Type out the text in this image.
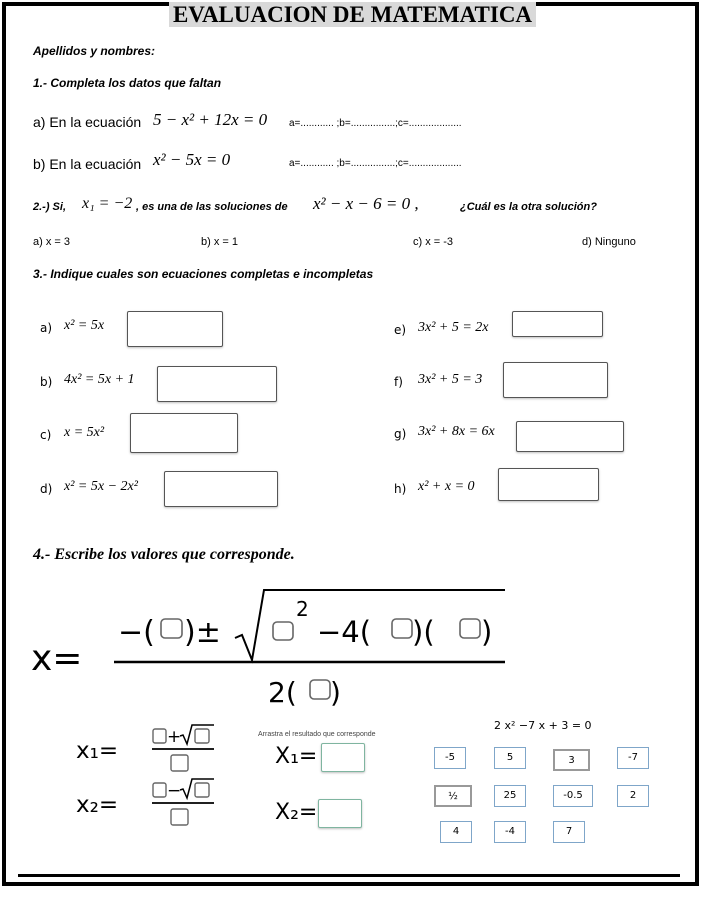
EVALUACION DE MATEMATICA
Apellidos y nombres:
1.- Completa los datos que faltan
a) En la ecuación 5 − x² + 12x = 0 a=............ ;b=................;c=...................
b) En la ecuación x² − 5x = 0	a=............ ;b=................;c=...................
2.-) Si, x₁ = −2 , es una de las soluciones de x² − x − 6 = 0 ,	¿Cuál es la otra solución?
a) x = 3	b) x = 1	c) x = -3	d) Ninguno
3.- Indique cuales son ecuaciones completas e incompletas
a) x² = 5x
b) 4x² = 5x + 1
c) x = 5x²
d) x² = 5x − 2x²
e) 3x² + 5 = 2x
f) 3x² + 5 = 3
g) 3x² + 8x = 6x
h) x² + x = 0
4.- Escribe los valores que corresponde.
x=
−( )±
2
−4( )( )
2( )
x₁=
+
x₂=
−
Arrastra el resultado que corresponde
X₁=
X₂=
2 x² −7 x + 3 = 0
-5	5	3	-7
½	25	-0.5	2
4	-4	7
